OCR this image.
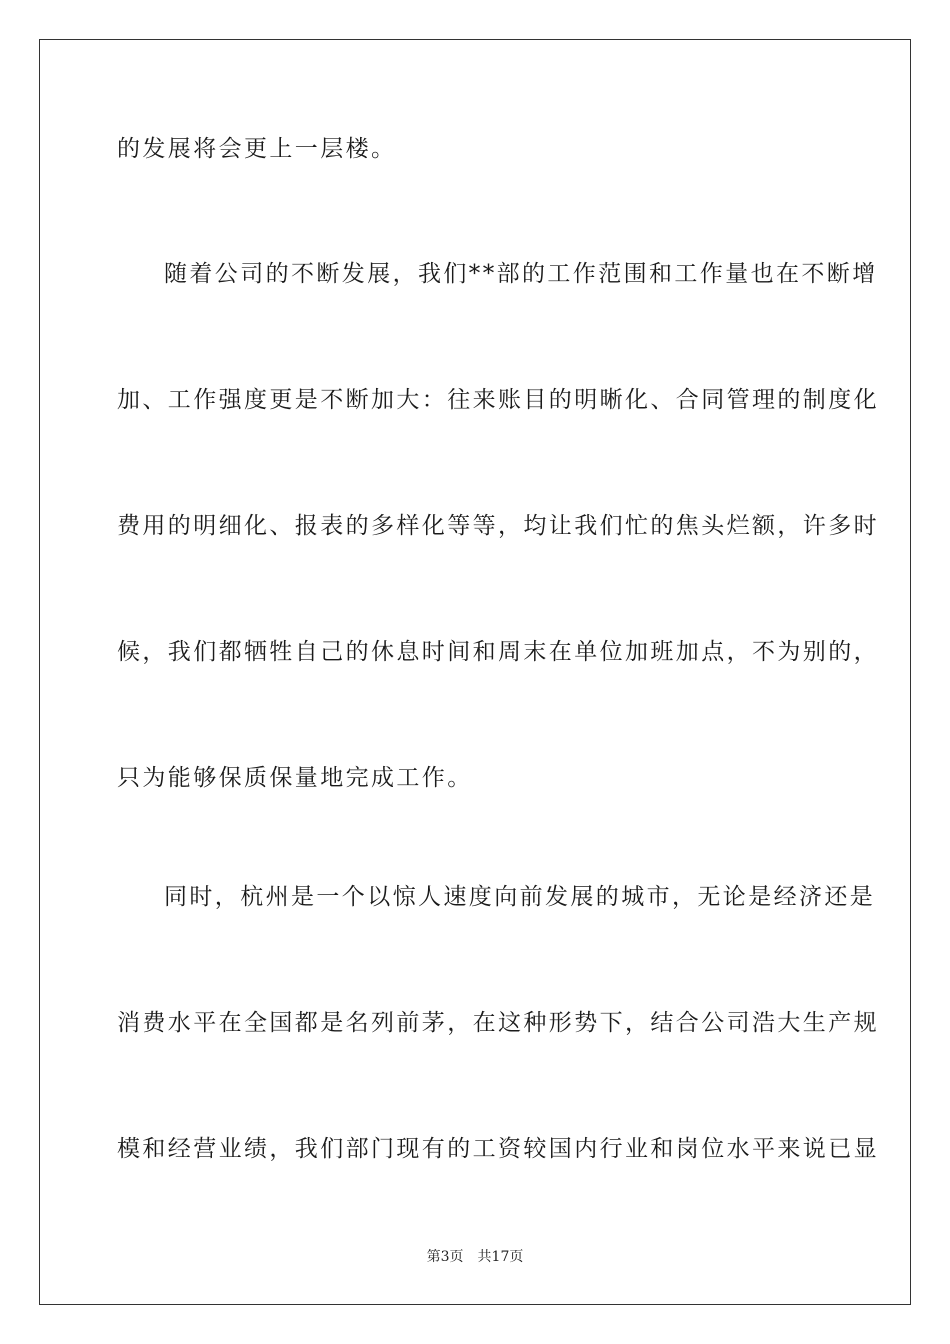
的发展将会更上一层楼。
随着公司的不断发展，我们**部的工作范围和工作量也在不断增
加、工作强度更是不断加大：往来账目的明晰化、合同管理的制度化
费用的明细化、报表的多样化等等，均让我们忙的焦头烂额，许多时
候，我们都牺牲自己的休息时间和周末在单位加班加点，不为别的，
只为能够保质保量地完成工作。
同时，杭州是一个以惊人速度向前发展的城市，无论是经济还是
消费水平在全国都是名列前茅，在这种形势下，结合公司浩大生产规
模和经营业绩，我们部门现有的工资较国内行业和岗位水平来说已显
第3页 共17页
